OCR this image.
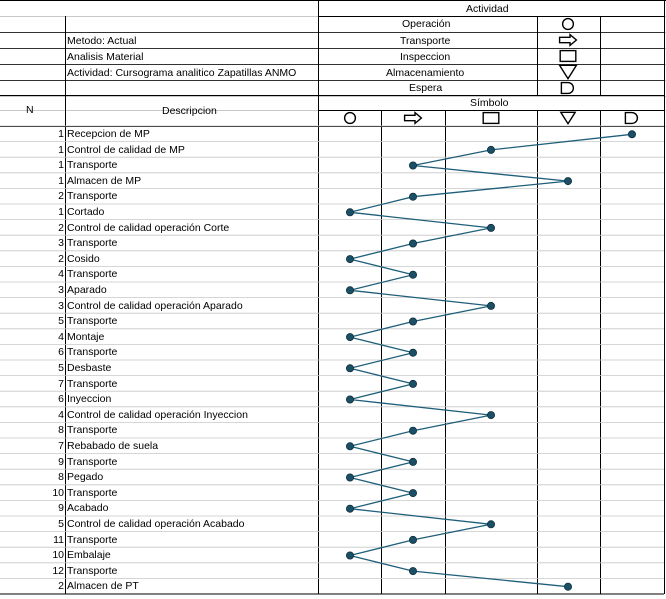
Actividad
Metodo: Actual
Analisis Material
Actividad: Cursograma analitico Zapatillas ANMO
Operación
Transporte
Inspeccion
Almacenamiento
Espera
N	Descripcion
Símbolo
1 Recepcion de MP
1 Control de calidad de MP
1 Transporte
1 Almacen de MP
2 Transporte
1 Cortado
2 Control de calidad operación Corte
3 Transporte
2 Cosido
4 Transporte
3 Aparado
3 Control de calidad operación Aparado
5 Transporte
4 Montaje
6 Transporte
5 Desbaste
7 Transporte
6 Inyeccion
4 Control de calidad operación Inyeccion
8 Transporte
7 Rebabado de suela
9 Transporte
8 Pegado
10 Transporte
9 Acabado
5 Control de calidad operación Acabado
11 Transporte
10 Embalaje
12 Transporte
2 Almacen de PT
